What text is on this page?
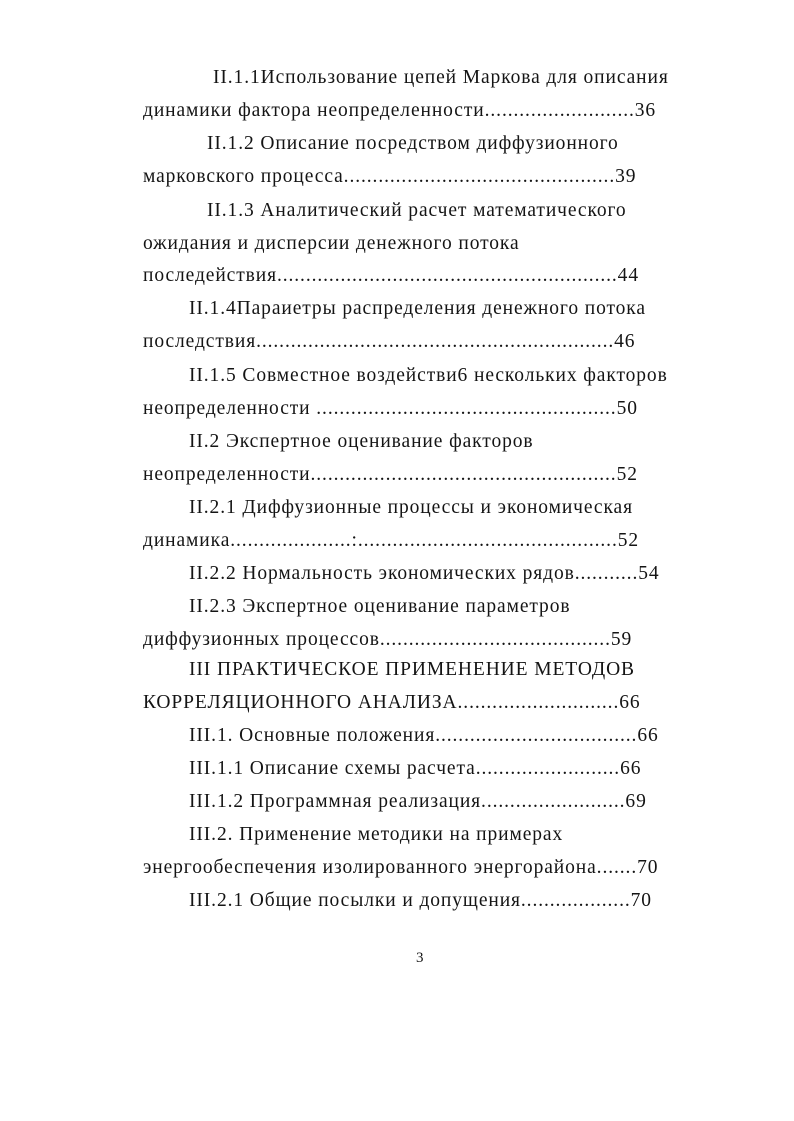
II.1.1Использование цепей Маркова для описания
динамики фактора неопределенности..........................36
II.1.2 Описание посредством диффузионного
марковского процесса...............................................39
II.1.3 Аналитический расчет математического
ожидания и дисперсии денежного потока
последействия...........................................................44
II.1.4Параиетры распределения денежного потока
последствия..............................................................46
II.1.5 Совместное воздействи6 нескольких факторов
неопределенности ....................................................50
II.2 Экспертное оценивание факторов
неопределенности.....................................................52
II.2.1 Диффузионные процессы и экономическая
динамика.....................:.............................................52
II.2.2 Нормальность экономических рядов...........54
II.2.3 Экспертное оценивание параметров
диффузионных процессов........................................59
III ПРАКТИЧЕСКОЕ ПРИМЕНЕНИЕ МЕТОДОВ
КОРРЕЛЯЦИОННОГО АНАЛИЗА............................66
III.1. Основные положения...................................66
III.1.1 Описание схемы расчета.........................66
III.1.2 Программная реализация.........................69
III.2. Применение методики на примерах
энергообеспечения изолированного энергорайона.......70
III.2.1 Общие посылки и допущения...................70
3
